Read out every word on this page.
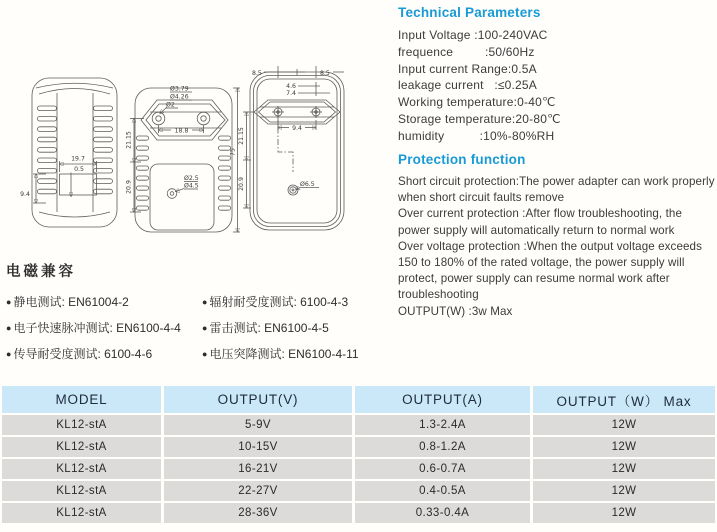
19.7
0.5
9.4
Ø3.79
Ø4.26
Ø2
18.8
21.15
20.9
75
Ø2.5
Ø4.5
8.5	8.5
4.6
7.4
9.4
Ø6.5
21.15
20.9
Technical Parameters
Input Voltage :100-240VAC
frequence         :50/60Hz
Input current Range:0.5A
leakage current   :≤0.25A
Working temperature:0-40℃
Storage temperature:20-80℃
humidity          :10%-80%RH
Protection function
Short circuit protection:The power adapter can work properly
when short circuit faults remove
Over current protection :After flow troubleshooting, the
power supply will automatically return to normal work
Over voltage protection :When the output voltage exceeds
150 to 180% of the rated voltage, the power supply will
protect, power supply can resume normal work after
troubleshooting
OUTPUT(W) :3w Max
电磁兼容
● 静电测试: EN61004-2	● 辐射耐受度测试: 6100-4-3
● 电子快速脉冲测试: EN6100-4-4	● 雷击测试: EN6100-4-5
● 传导耐受度测试: 6100-4-6	● 电压突降测试: EN6100-4-11
MODEL	OUTPUT(V)	OUTPUT(A)	OUTPUT（W） Max
KL12-stA	5-9V	1.3-2.4A	12W
KL12-stA	10-15V	0.8-1.2A	12W
KL12-stA	16-21V	0.6-0.7A	12W
KL12-stA	22-27V	0.4-0.5A	12W
KL12-stA	28-36V	0.33-0.4A	12W
